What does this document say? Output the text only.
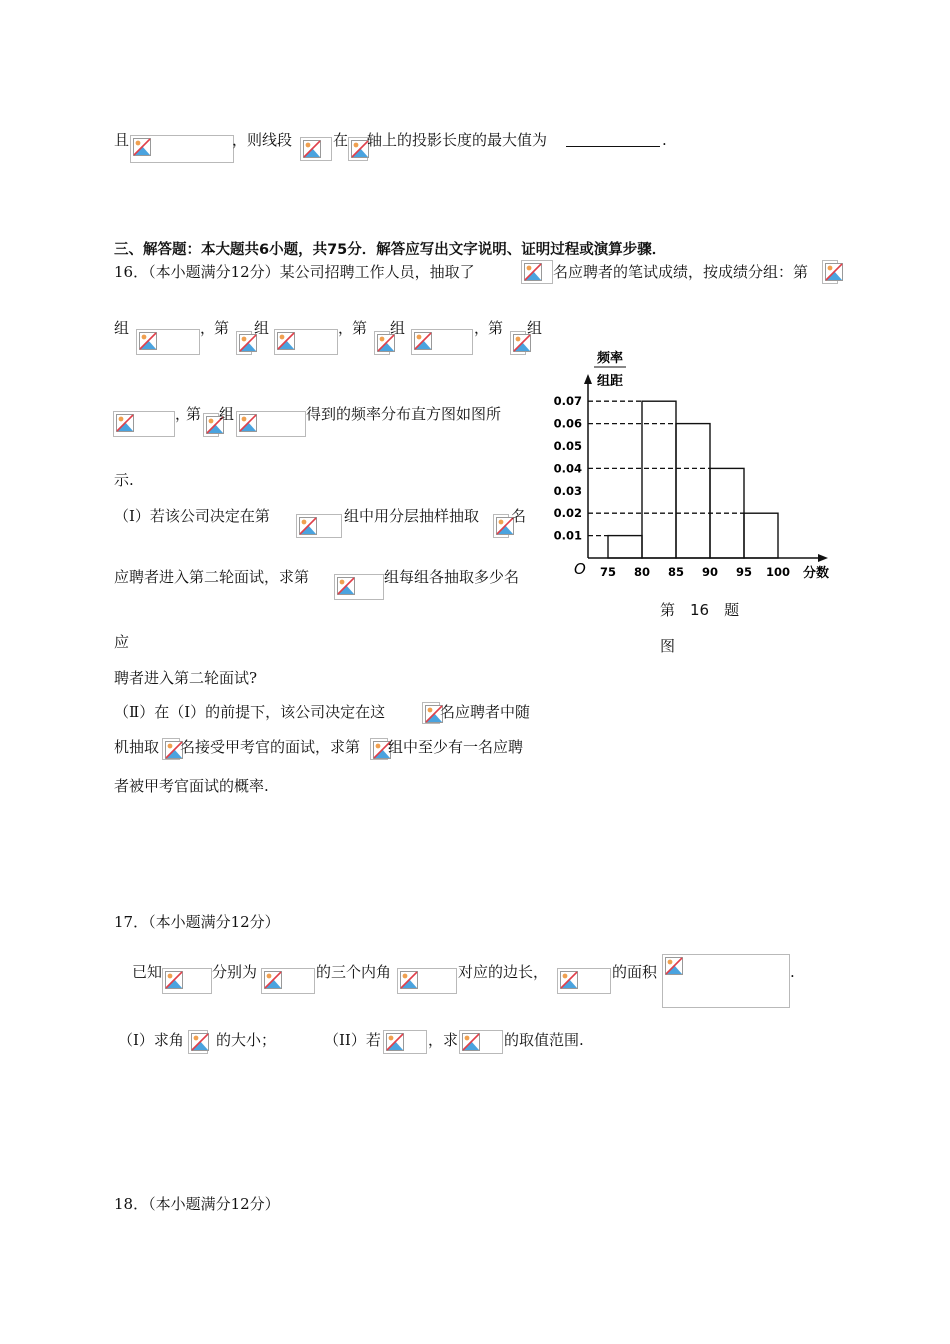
且	，则线段	在 轴上的投影长度的最大值为	.
三、解答题：本大题共6小题，共75分．解答应写出文字说明、证明过程或演算步骤．
16．（本小题满分12分）某公司招聘工作人员，抽取了	名应聘者的笔试成绩，按成绩分组：第
组	，
第 组	，
第 组	，
第 组
，
第 组	得到的频率分布直方图如图所
示.
（Ⅰ）若该公司决定在第	组中用分层抽样抽取 名
应聘者进入第二轮面试，求第	组每组各抽取多少名
应
聘者进入第二轮面试?
（Ⅱ）在（Ⅰ）的前提下，该公司决定在这	名应聘者中随
机抽取 名接受甲考官的面试，求第 组中至少有一名应聘
者被甲考官面试的概率.
频率
组距
O
0.01
0.02
0.03
0.04
0.05
0.06
0.07
75 80 85 90 95 100 分数
第　16　题
图
17．（本小题满分12分）
已知	分别为	的三个内角	对应的边长，	的面积	.
（I）求角 的大小；	（II）若	，求	的取值范围.
18．（本小题满分12分）
